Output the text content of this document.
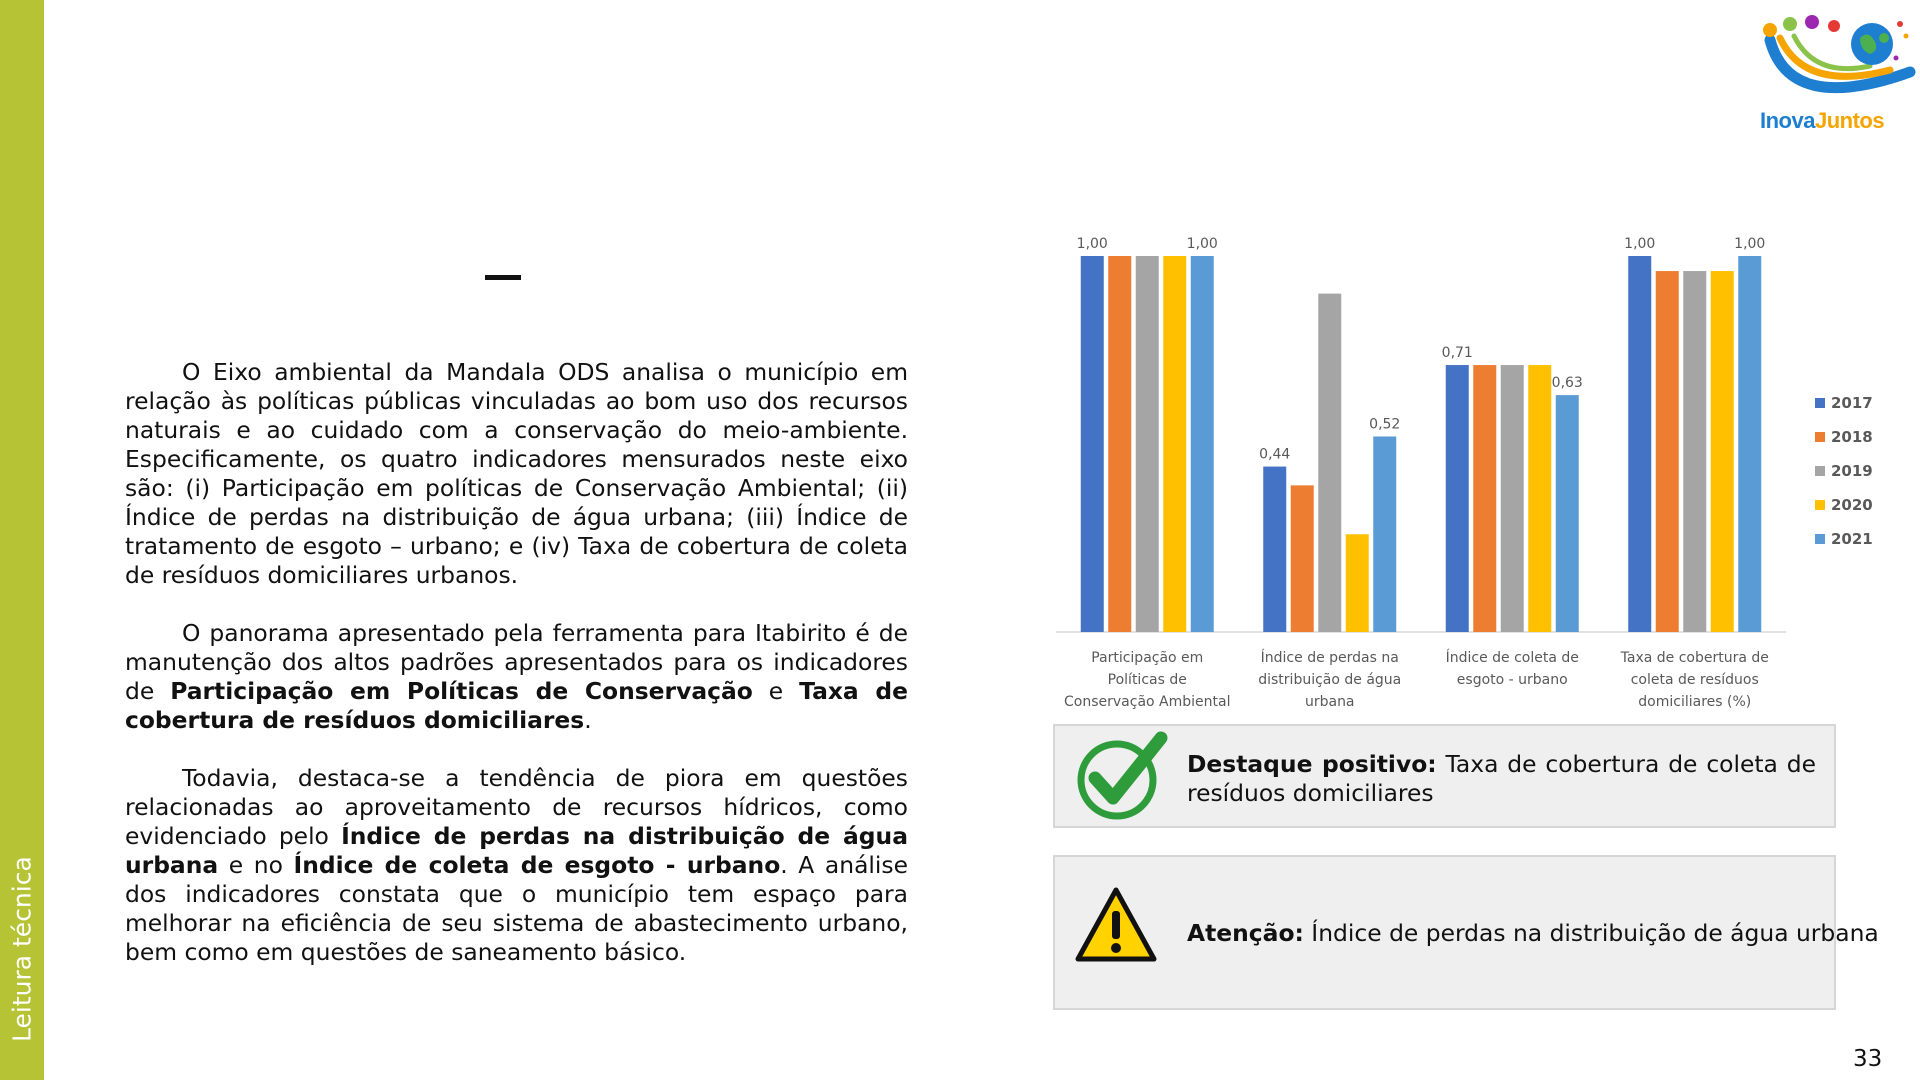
Leitura técnica
InovaJuntos

O Eixo ambiental da Mandala ODS analisa o município em relação às políticas públicas vinculadas ao bom uso dos recursos naturais e ao cuidado com a conservação do meio-ambiente. Especificamente, os quatro indicadores mensurados neste eixo são: (i) Participação em políticas de Conservação Ambiental; (ii) Índice de perdas na distribuição de água urbana; (iii) Índice de tratamento de esgoto – urbano; e (iv) Taxa de cobertura de coleta de resíduos domiciliares urbanos.

O panorama apresentado pela ferramenta para Itabirito é de manutenção dos altos padrões apresentados para os indicadores de Participação em Políticas de Conservação e Taxa de cobertura de resíduos domiciliares.

Todavia, destaca-se a tendência de piora em questões relacionadas ao aproveitamento de recursos hídricos, como evidenciado pelo Índice de perdas na distribuição de água urbana e no Índice de coleta de esgoto - urbano. A análise dos indicadores constata que o município tem espaço para melhorar na eficiência de seu sistema de abastecimento urbano, bem como em questões de saneamento básico.

Participação em
Políticas de
Conservação Ambiental
Índice de perdas na
distribuição de água
urbana
Índice de coleta de
esgoto - urbano
Taxa de cobertura de
coleta de resíduos
domiciliares (%)
1,00	1,00
0,44
0,52
0,71
0,63
1,00	1,00
2017
2018
2019
2020
2021
Destaque positivo: Taxa de cobertura de coleta de resíduos domiciliares
Atenção: Índice de perdas na distribuição de água urbana
33
